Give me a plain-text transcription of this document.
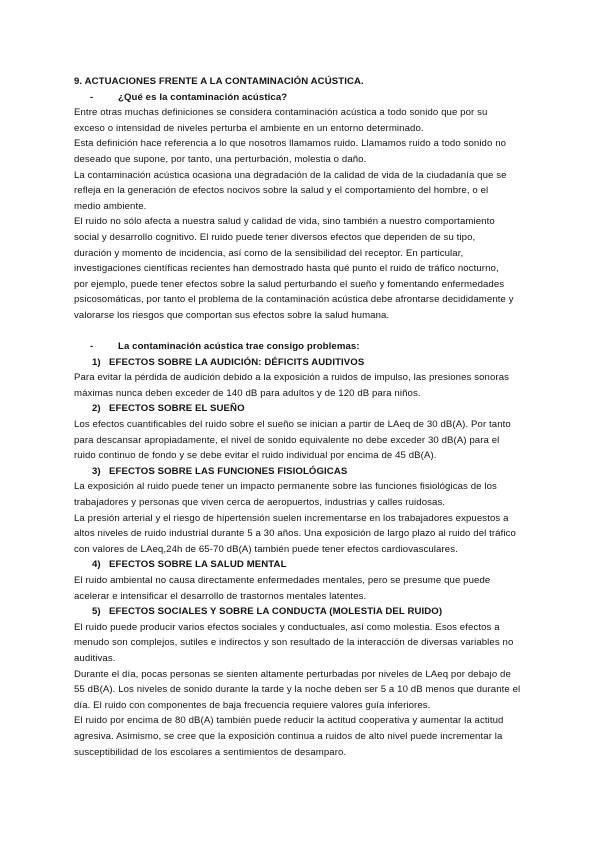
9. ACTUACIONES FRENTE A LA CONTAMINACIÓN ACÚSTICA.

-	¿Qué es la contaminación acústica?

Entre otras muchas definiciones se considera contaminación acústica a todo sonido que por su

exceso o intensidad de niveles perturba el ambiente en un entorno determinado.

Esta definición hace referencia a lo que nosotros llamamos ruido. Llamamos ruido a todo sonido no

deseado que supone, por tanto, una perturbación, molestia o daño.

La contaminación acústica ocasiona una degradación de la calidad de vida de la ciudadanía que se

refleja en la generación de efectos nocivos sobre la salud y el comportamiento del hombre, o el

medio ambiente.

El ruido no sólo afecta a nuestra salud y calidad de vida, sino también a nuestro comportamiento

social y desarrollo cognitivo. El ruido puede tener diversos efectos que dependen de su tipo,

duración y momento de incidencia, así como de la sensibilidad del receptor. En particular,

investigaciones científicas recientes han demostrado hasta qué punto el ruido de tráfico nocturno,

por ejemplo, puede tener efectos sobre la salud perturbando el sueño y fomentando enfermedades

psicosomáticas, por tanto el problema de la contaminación acústica debe afrontarse decididamente y

valorarse los riesgos que comportan sus efectos sobre la salud humana.

-	La contaminación acústica trae consigo problemas:

1) EFECTOS SOBRE LA AUDICIÓN: DÉFICITS AUDITIVOS

Para evitar la pérdida de audición debido a la exposición a ruidos de impulso, las presiones sonoras

máximas nunca deben exceder de 140 dB para adultos y de 120 dB para niños.

2) EFECTOS SOBRE EL SUEÑO

Los efectos cuantificables del ruido sobre el sueño se inician a partir de LAeq de 30 dB(A). Por tanto

para descansar apropiadamente, el nivel de sonido equivalente no debe exceder 30 dB(A) para el

ruido continuo de fondo y se debe evitar el ruido individual por encima de 45 dB(A).

3) EFECTOS SOBRE LAS FUNCIONES FISIOLÓGICAS

La exposición al ruido puede tener un impacto permanente sobre las funciones fisiológicas de los

trabajadores y personas que viven cerca de aeropuertos, industrias y calles ruidosas.

La presión arterial y el riesgo de hipertensión suelen incrementarse en los trabajadores expuestos a

altos niveles de ruido industrial durante 5 a 30 años. Una exposición de largo plazo al ruido del tráfico

con valores de LAeq,24h de 65-70 dB(A) también puede tener efectos cardiovasculares.

4) EFECTOS SOBRE LA SALUD MENTAL

El ruido ambiental no causa directamente enfermedades mentales, pero se presume que puede

acelerar e intensificar el desarrollo de trastornos mentales latentes.

5) EFECTOS SOCIALES Y SOBRE LA CONDUCTA (MOLESTIA DEL RUIDO)

El ruido puede producir varios efectos sociales y conductuales, así como molestia. Esos efectos a

menudo son complejos, sutiles e indirectos y son resultado de la interacción de diversas variables no

auditivas.

Durante el día, pocas personas se sienten altamente perturbadas por niveles de LAeq por debajo de

55 dB(A). Los niveles de sonido durante la tarde y la noche deben ser 5 a 10 dB menos que durante el

día. El ruido con componentes de baja frecuencia requiere valores guía inferiores.

El ruido por encima de 80 dB(A) también puede reducir la actitud cooperativa y aumentar la actitud

agresiva. Asimismo, se cree que la exposición continua a ruidos de alto nivel puede incrementar la

susceptibilidad de los escolares a sentimientos de desamparo.
